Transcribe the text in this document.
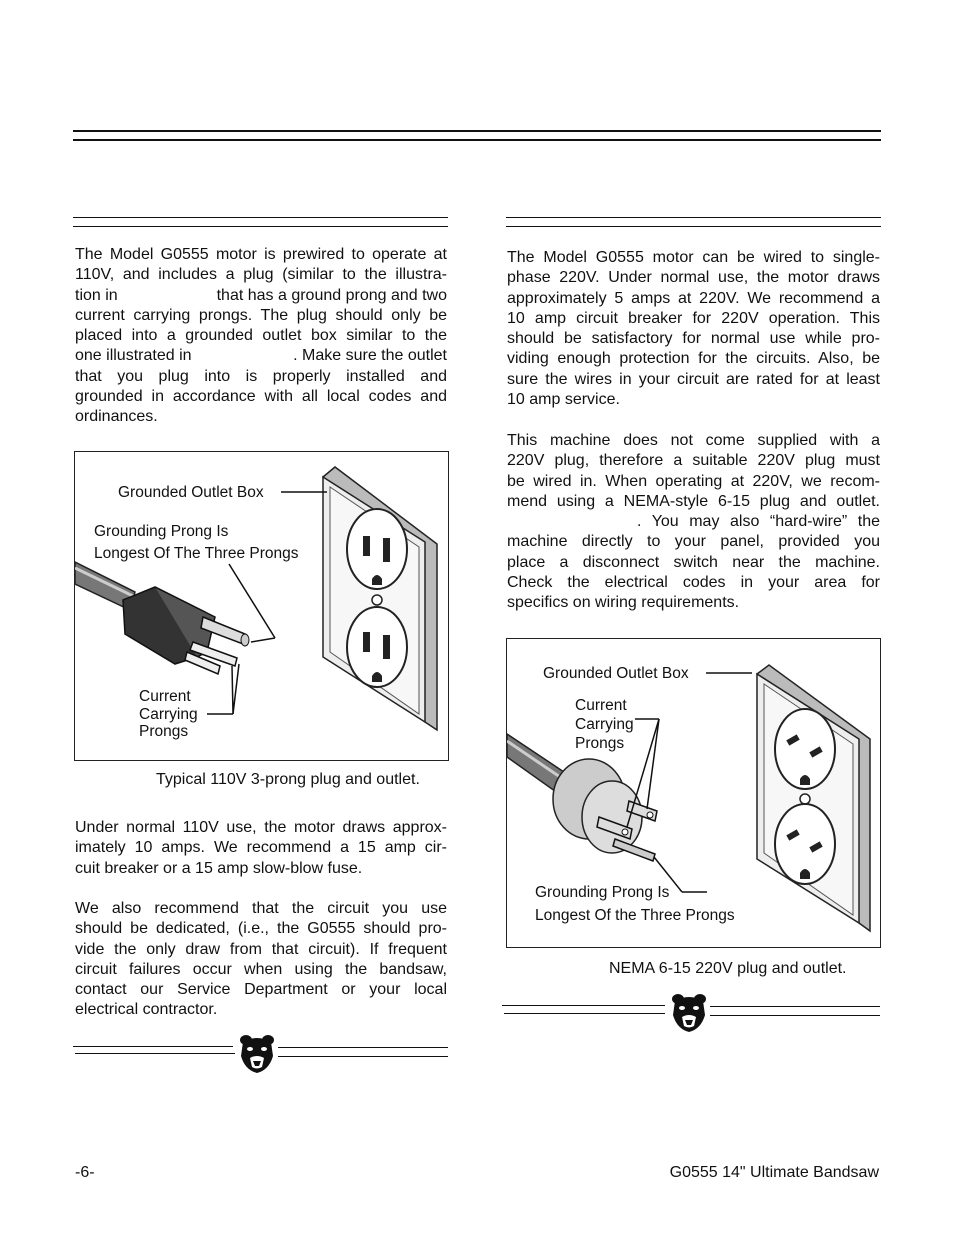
The Model G0555 motor is prewired to operate at
110V, and includes a plug (similar to the illustra-
tion in	that has a ground prong and two
current carrying prongs. The plug should only be
placed into a grounded outlet box similar to the
one illustrated in	. Make sure the outlet
that you plug into is properly installed and
grounded in accordance with all local codes and
ordinances.
Grounded Outlet Box
Grounding Prong Is
Longest Of The Three Prongs
Current
Carrying
Prongs
Typical 110V 3-prong plug and outlet.
Under normal 110V use, the motor draws approx-
imately 10 amps. We recommend a 15 amp cir-
cuit breaker or a 15 amp slow-blow fuse.
We also recommend that the circuit you use
should be dedicated, (i.e., the G0555 should pro-
vide the only draw from that circuit). If frequent
circuit failures occur when using the bandsaw,
contact our Service Department or your local
electrical contractor.
The Model G0555 motor can be wired to single-
phase 220V. Under normal use, the motor draws
approximately 5 amps at 220V. We recommend a
10 amp circuit breaker for 220V operation. This
should be satisfactory for normal use while pro-
viding enough protection for the circuits. Also, be
sure the wires in your circuit are rated for at least
10 amp service.
This machine does not come supplied with a
220V plug, therefore a suitable 220V plug must
be wired in. When operating at 220V, we recom-
mend using a NEMA-style 6-15 plug and outlet.
. You may also “hard-wire” the
machine directly to your panel, provided you
place a disconnect switch near the machine.
Check the electrical codes in your area for
specifics on wiring requirements.
Grounded Outlet Box
Current
Carrying
Prongs
Grounding Prong Is
Longest Of the Three Prongs
NEMA 6-15 220V plug and outlet.
-6-	G0555 14" Ultimate Bandsaw
